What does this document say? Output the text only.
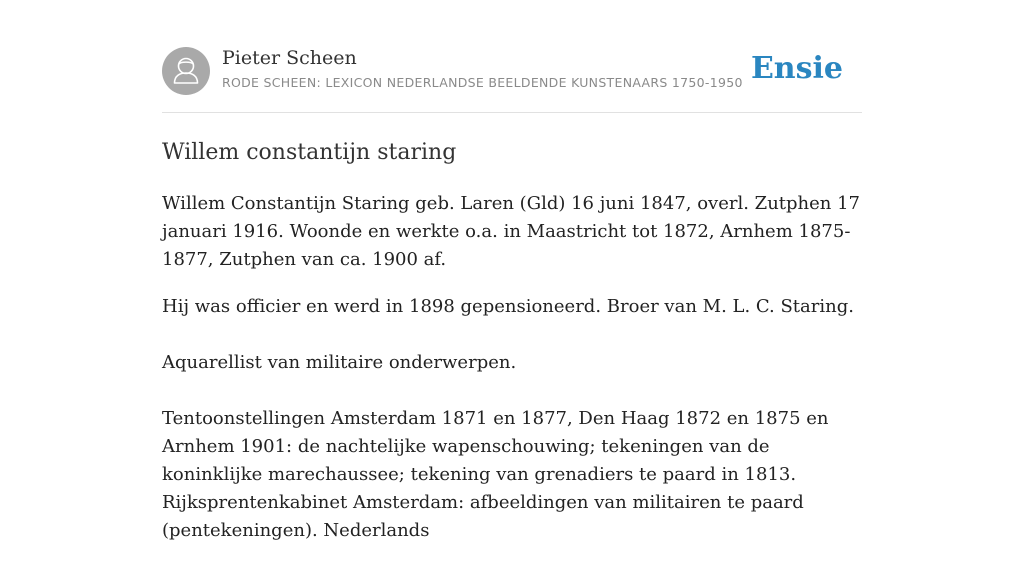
Pieter Scheen
RODE SCHEEN: LEXICON NEDERLANDSE BEELDENDE KUNSTENAARS 1750-1950 Ensie
Willem constantijn staring

Willem Constantijn Staring geb. Laren (Gld) 16 juni 1847, overl. Zutphen 17 januari 1916. Woonde en werkte o.a. in Maastricht tot 1872, Arnhem 1875-1877, Zutphen van ca. 1900 af.

Hij was officier en werd in 1898 gepensioneerd. Broer van M. L. C. Staring.

Aquarellist van militaire onderwerpen.

Tentoonstellingen Amsterdam 1871 en 1877, Den Haag 1872 en 1875 en Arnhem 1901: de nachtelijke wapenschouwing; tekeningen van de koninklijke marechaussee; tekening van grenadiers te paard in 1813. Rijksprentenkabinet Amsterdam: afbeeldingen van militairen te paard (pentekeningen). Nederlands
